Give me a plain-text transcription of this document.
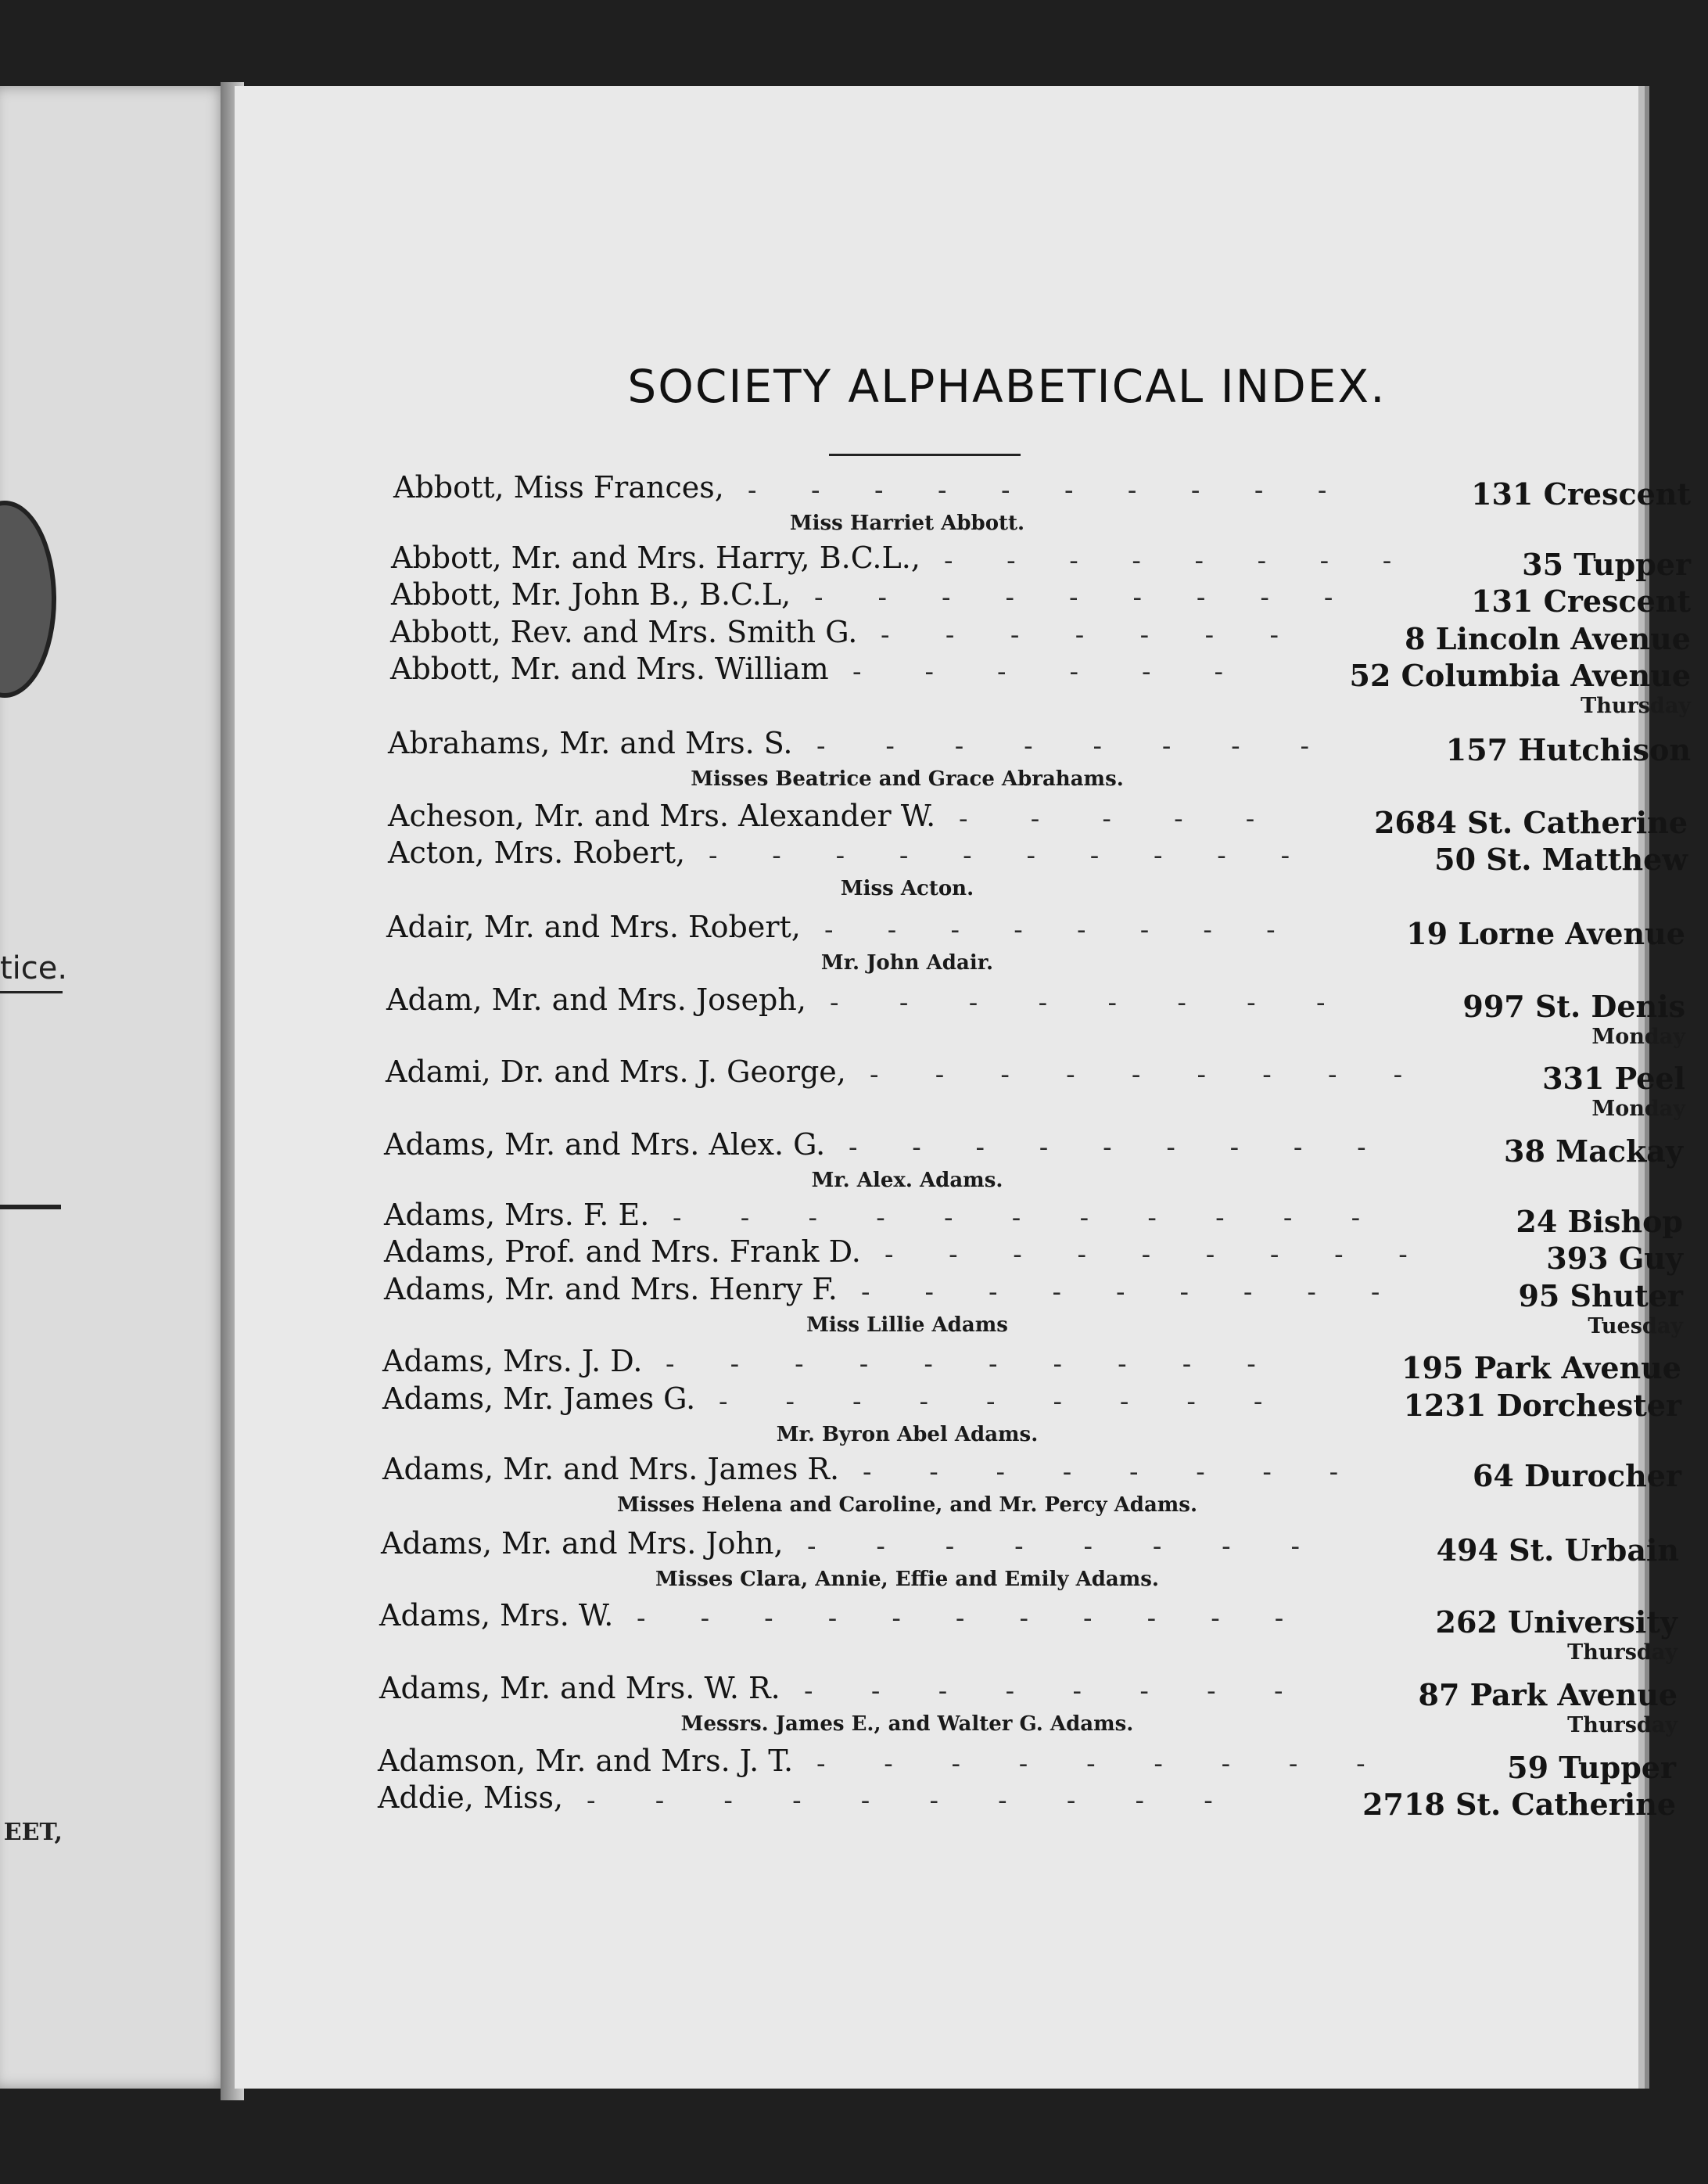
tice.
EET,
SOCIETY ALPHABETICAL INDEX.
Abbott, Miss Frances, ----------	131 Crescent
Miss Harriet Abbott.
Abbott, Mr. and Mrs. Harry, B.C.L., --------	35 Tupper
Abbott, Mr. John B., B.C.L, ---------	131 Crescent
Abbott, Rev. and Mrs. Smith G. -------	8 Lincoln Avenue
Abbott, Mr. and Mrs. William ------	52 Columbia Avenue
Thursday
Abrahams, Mr. and Mrs. S. --------	157 Hutchison
Misses Beatrice and Grace Abrahams.
Acheson, Mr. and Mrs. Alexander W. -----	2684 St. Catherine
Acton, Mrs. Robert, ----------	50 St. Matthew
Miss Acton.
Adair, Mr. and Mrs. Robert, --------	19 Lorne Avenue
Mr. John Adair.
Adam, Mr. and Mrs. Joseph, --------	997 St. Denis
Monday
Adami, Dr. and Mrs. J. George, ---------	331 Peel
Monday
Adams, Mr. and Mrs. Alex. G. ---------	38 Mackay
Mr. Alex. Adams.
Adams, Mrs. F. E. -----------	24 Bishop
Adams, Prof. and Mrs. Frank D. ---------	393 Guy
Adams, Mr. and Mrs. Henry F. ---------	95 Shuter
Tuesday
Miss Lillie Adams
Adams, Mrs. J. D. ----------	195 Park Avenue
Adams, Mr. James G. ---------	1231 Dorchester
Mr. Byron Abel Adams.
Adams, Mr. and Mrs. James R. --------	64 Durocher
Misses Helena and Caroline, and Mr. Percy Adams.
Adams, Mr. and Mrs. John, --------	494 St. Urbain
Misses Clara, Annie, Effie and Emily Adams.
Adams, Mrs. W. -----------	262 University
Thursday
Adams, Mr. and Mrs. W. R. --------	87 Park Avenue
Thursday
Messrs. James E., and Walter G. Adams.
Adamson, Mr. and Mrs. J. T. ---------	59 Tupper
Addie, Miss, ----------	2718 St. Catherine
